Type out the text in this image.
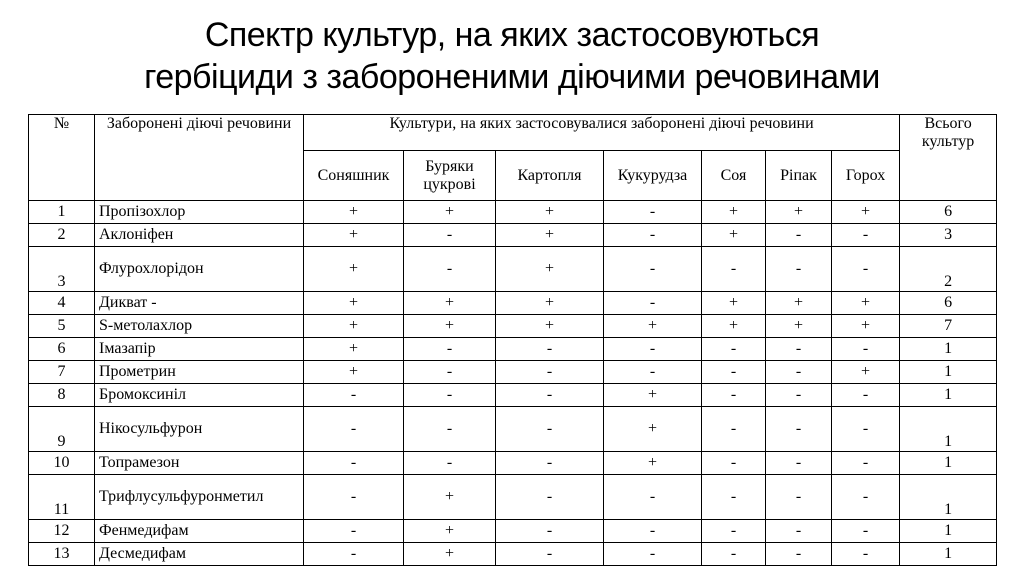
Спектр культур, на яких застосовуються
гербіциди з забороненими діючими речовинами
№	Заборонені діючі речовини	Культури, на яких застосовувалися заборонені діючі речовини							Всього культур
		Соняшник	Буряки цукрові	Картопля	Кукурудза	Соя	Ріпак	Горох	
1	Пропізохлор	+	+	+	-	+	+	+	6
2	Аклоніфен	+	-	+	-	+	-	-	3
3	Флурохлорідон	+	-	+	-	-	-	-	2
4	Дикват -	+	+	+	-	+	+	+	6
5	S-метолахлор	+	+	+	+	+	+	+	7
6	Імазапір	+	-	-	-	-	-	-	1
7	Прометрин	+	-	-	-	-	-	+	1
8	Бромоксиніл	-	-	-	+	-	-	-	1
9	Нікосульфурон	-	-	-	+	-	-	-	1
10	Топрамезон	-	-	-	+	-	-	-	1
11	Трифлусульфуронметил	-	+	-	-	-	-	-	1
12	Фенмедифам	-	+	-	-	-	-	-	1
13	Десмедифам	-	+	-	-	-	-	-	1
